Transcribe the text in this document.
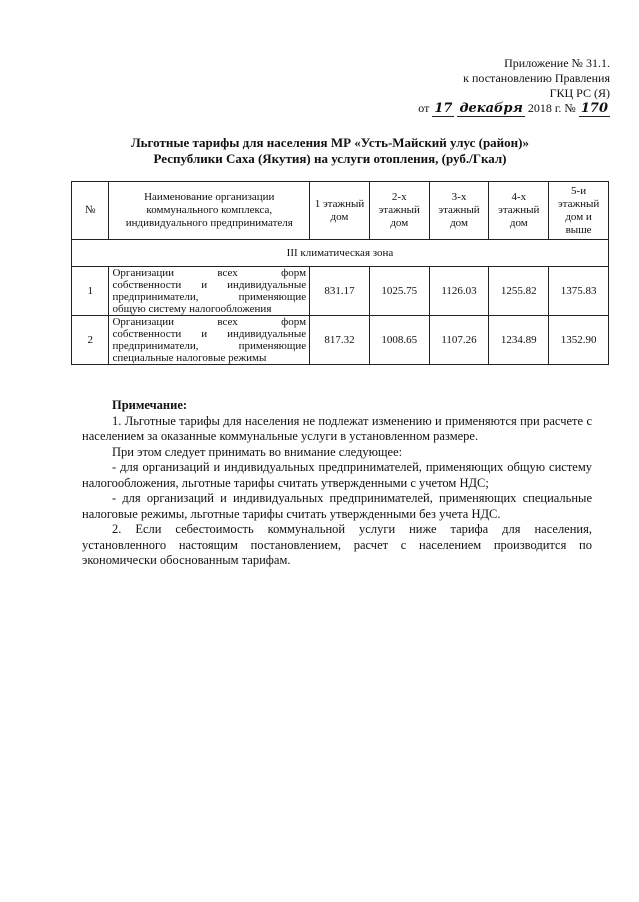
Приложение № 31.1.
к постановлению Правления
ГКЦ РС (Я)
от 17 декабря 2018 г. № 170
Льготные тарифы для населения МР «Усть-Майский улус (район)»
Республики Саха (Якутия) на услуги отопления, (руб./Гкал)
№	Наименование организации коммунального комплекса, индивидуального предпринимателя	1 этажный дом	2-х этажный дом	3-х этажный дом	4-х этажный дом	5-и этажный дом и выше
III климатическая зона						
1	Организации всех форм
собственности и индивидуальные
предприниматели, применяющие
общую систему налогообложения	831.17	1025.75	1126.03	1255.82	1375.83
2	Организации всех форм
собственности и индивидуальные
предприниматели, применяющие
специальные налоговые режимы	817.32	1008.65	1107.26	1234.89	1352.90
Примечание:

1. Льготные тарифы для населения не подлежат изменению и применяются при расчете с населением за оказанные коммунальные услуги в установленном размере.

При этом следует принимать во внимание следующее:

- для организаций и индивидуальных предпринимателей, применяющих общую систему налогообложения, льготные тарифы считать утвержденными с учетом НДС;

- для организаций и индивидуальных предпринимателей, применяющих специальные налоговые режимы, льготные тарифы считать утвержденными без учета НДС.

2. Если себестоимость коммунальной услуги ниже тарифа для населения, установленного настоящим постановлением, расчет с населением производится по экономически обоснованным тарифам.
